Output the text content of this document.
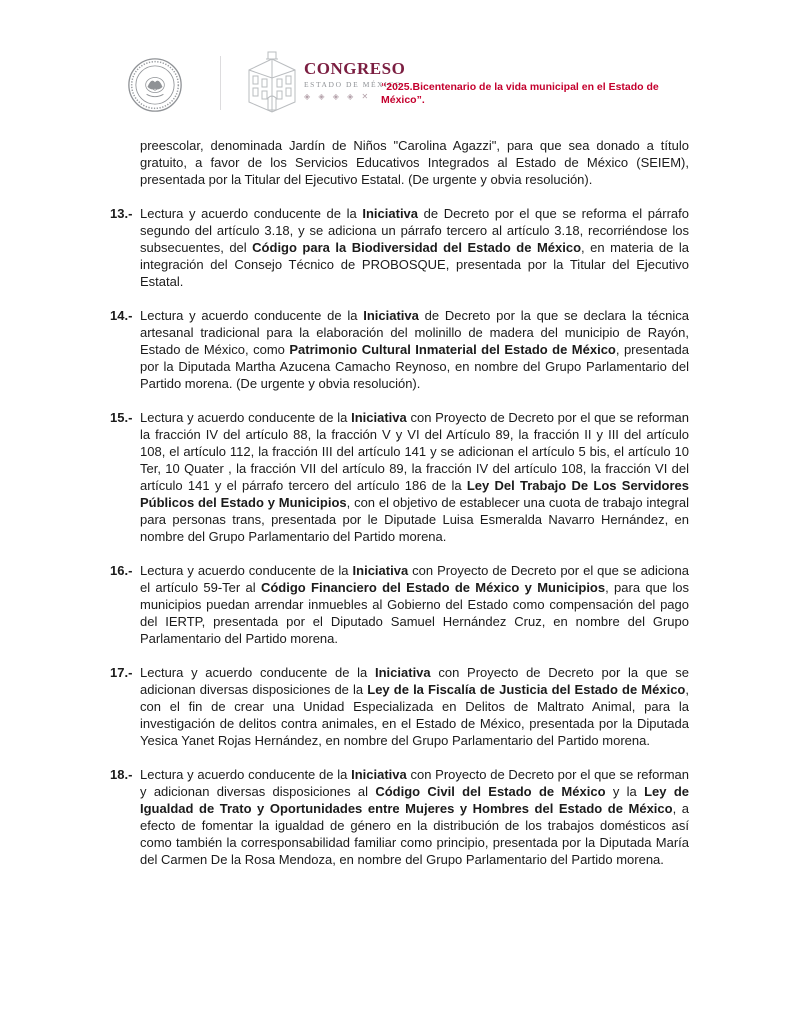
CONGRESO
ESTADO DE MÉXICO
◈ ◈ ◈ ◈ ✕
“2025.Bicentenario de la vida municipal en el Estado de México”.
preescolar, denominada Jardín de Niños "Carolina Agazzi", para que sea donado a título gratuito, a favor de los Servicios Educativos Integrados al Estado de México (SEIEM), presentada por la Titular del Ejecutivo Estatal. (De urgente y obvia resolución).
13.- Lectura y acuerdo conducente de la Iniciativa de Decreto por el que se reforma el párrafo segundo del artículo 3.18, y se adiciona un párrafo tercero al artículo 3.18, recorriéndose los subsecuentes, del Código para la Biodiversidad del Estado de México, en materia de la integración del Consejo Técnico de PROBOSQUE, presentada por la Titular del Ejecutivo Estatal.
14.- Lectura y acuerdo conducente de la Iniciativa de Decreto por la que se declara la técnica artesanal tradicional para la elaboración del molinillo de madera del municipio de Rayón, Estado de México, como Patrimonio Cultural Inmaterial del Estado de México, presentada por la Diputada Martha Azucena Camacho Reynoso, en nombre del Grupo Parlamentario del Partido morena. (De urgente y obvia resolución).
15.- Lectura y acuerdo conducente de la Iniciativa con Proyecto de Decreto por el que se reforman la fracción IV del artículo 88, la fracción V y VI del Artículo 89, la fracción II y III del artículo 108, el artículo 112, la fracción III del artículo 141 y se adicionan el artículo 5 bis, el artículo 10 Ter, 10 Quater , la fracción VII del artículo 89, la fracción IV del artículo 108, la fracción VI del artículo 141 y el párrafo tercero del artículo 186 de la Ley Del Trabajo De Los Servidores Públicos del Estado y Municipios, con el objetivo de establecer una cuota de trabajo integral para personas trans, presentada por le Diputade Luisa Esmeralda Navarro Hernández, en nombre del Grupo Parlamentario del Partido morena.
16.- Lectura y acuerdo conducente de la Iniciativa con Proyecto de Decreto por el que se adiciona el artículo 59-Ter al Código Financiero del Estado de México y Municipios, para que los municipios puedan arrendar inmuebles al Gobierno del Estado como compensación del pago del IERTP, presentada por el Diputado Samuel Hernández Cruz, en nombre del Grupo Parlamentario del Partido morena.
17.- Lectura y acuerdo conducente de la Iniciativa con Proyecto de Decreto por la que se adicionan diversas disposiciones de la Ley de la Fiscalía de Justicia del Estado de México, con el fin de crear una Unidad Especializada en Delitos de Maltrato Animal, para la investigación de delitos contra animales, en el Estado de México, presentada por la Diputada Yesica Yanet Rojas Hernández, en nombre del Grupo Parlamentario del Partido morena.
18.- Lectura y acuerdo conducente de la Iniciativa con Proyecto de Decreto por el que se reforman y adicionan diversas disposiciones al Código Civil del Estado de México y la Ley de Igualdad de Trato y Oportunidades entre Mujeres y Hombres del Estado de México, a efecto de fomentar la igualdad de género en la distribución de los trabajos domésticos así como también la corresponsabilidad familiar como principio, presentada por la Diputada María del Carmen De la Rosa Mendoza, en nombre del Grupo Parlamentario del Partido morena.
